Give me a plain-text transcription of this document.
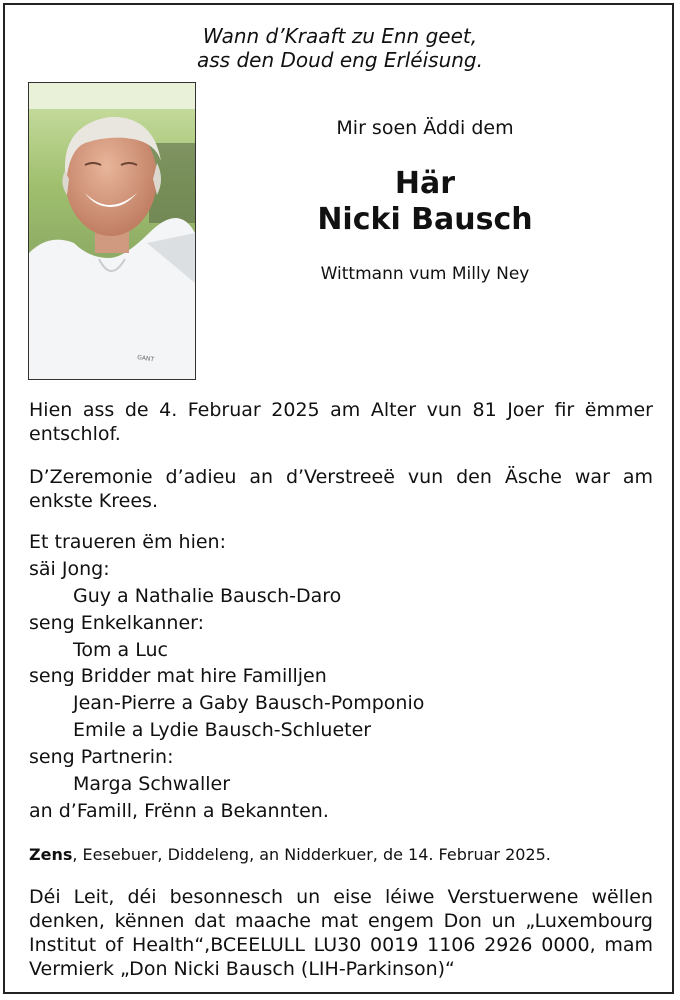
Wann d’Kraaft zu Enn geet,
ass den Doud eng Erléisung.
GANT
Mir soen Äddi dem
Här
Nicki Bausch
Wittmann vum Milly Ney
Hien ass de 4. Februar 2025 am Alter vun 81 Joer fir ëmmer entschlof.
D’Zeremonie d’adieu an d’Verstreeë vun den Äsche war am enkste Krees.
Et traueren ëm hien:
säi Jong:
Guy a Nathalie Bausch-Daro
seng Enkelkanner:
Tom a Luc
seng Bridder mat hire Familljen
Jean-Pierre a Gaby Bausch-Pomponio
Emile a Lydie Bausch-Schlueter
seng Partnerin:
Marga Schwaller
an d’Famill, Frënn a Bekannten.
Zens, Eesebuer, Diddeleng, an Nidderkuer, de 14. Februar 2025.
Déi Leit, déi besonnesch un eise léiwe Verstuerwene wëllen denken, kënnen dat maache mat engem Don un „Luxembourg Institut of Health“,BCEELULL LU30 0019 1106 2926 0000, mam Vermierk „Don Nicki Bausch (LIH-Parkinson)“
